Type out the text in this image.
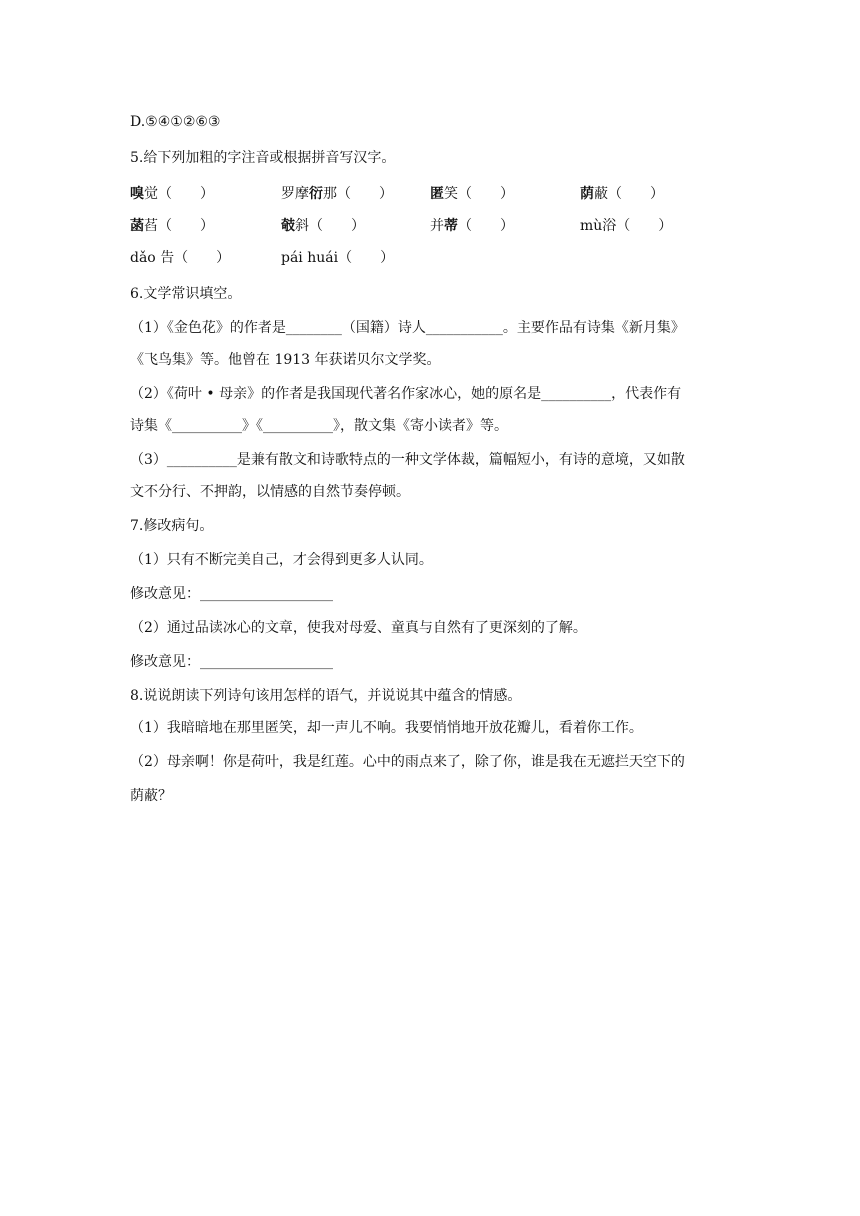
D.⑤④①②⑥③
5.给下列加粗的字注音或根据拼音写汉字。
嗅觉（　　）	罗摩衍那（　　）	匿笑（　　）	荫蔽（　　）
菡萏（　　）	攲斜（　　）	并蒂（　　）	mù浴（　　）
dǎo 告（　　）	pái huái（　　）
6.文学常识填空。
（1）《金色花》的作者是________（国籍）诗人___________。主要作品有诗集《新月集》
《飞鸟集》等。他曾在 1913 年获诺贝尔文学奖。
（2）《荷叶 • 母亲》的作者是我国现代著名作家冰心，她的原名是__________，代表作有
诗集《__________》《__________》，散文集《寄小读者》等。
（3）__________是兼有散文和诗歌特点的一种文学体裁，篇幅短小，有诗的意境，又如散
文不分行、不押韵，以情感的自然节奏停顿。
7.修改病句。
（1）只有不断完美自己，才会得到更多人认同。
修改意见：___________________
（2）通过品读冰心的文章，使我对母爱、童真与自然有了更深刻的了解。
修改意见：___________________
8.说说朗读下列诗句该用怎样的语气，并说说其中蕴含的情感。
（1）我暗暗地在那里匿笑，却一声儿不响。我要悄悄地开放花瓣儿，看着你工作。
（2）母亲啊！你是荷叶，我是红莲。心中的雨点来了，除了你，谁是我在无遮拦天空下的
荫蔽？
